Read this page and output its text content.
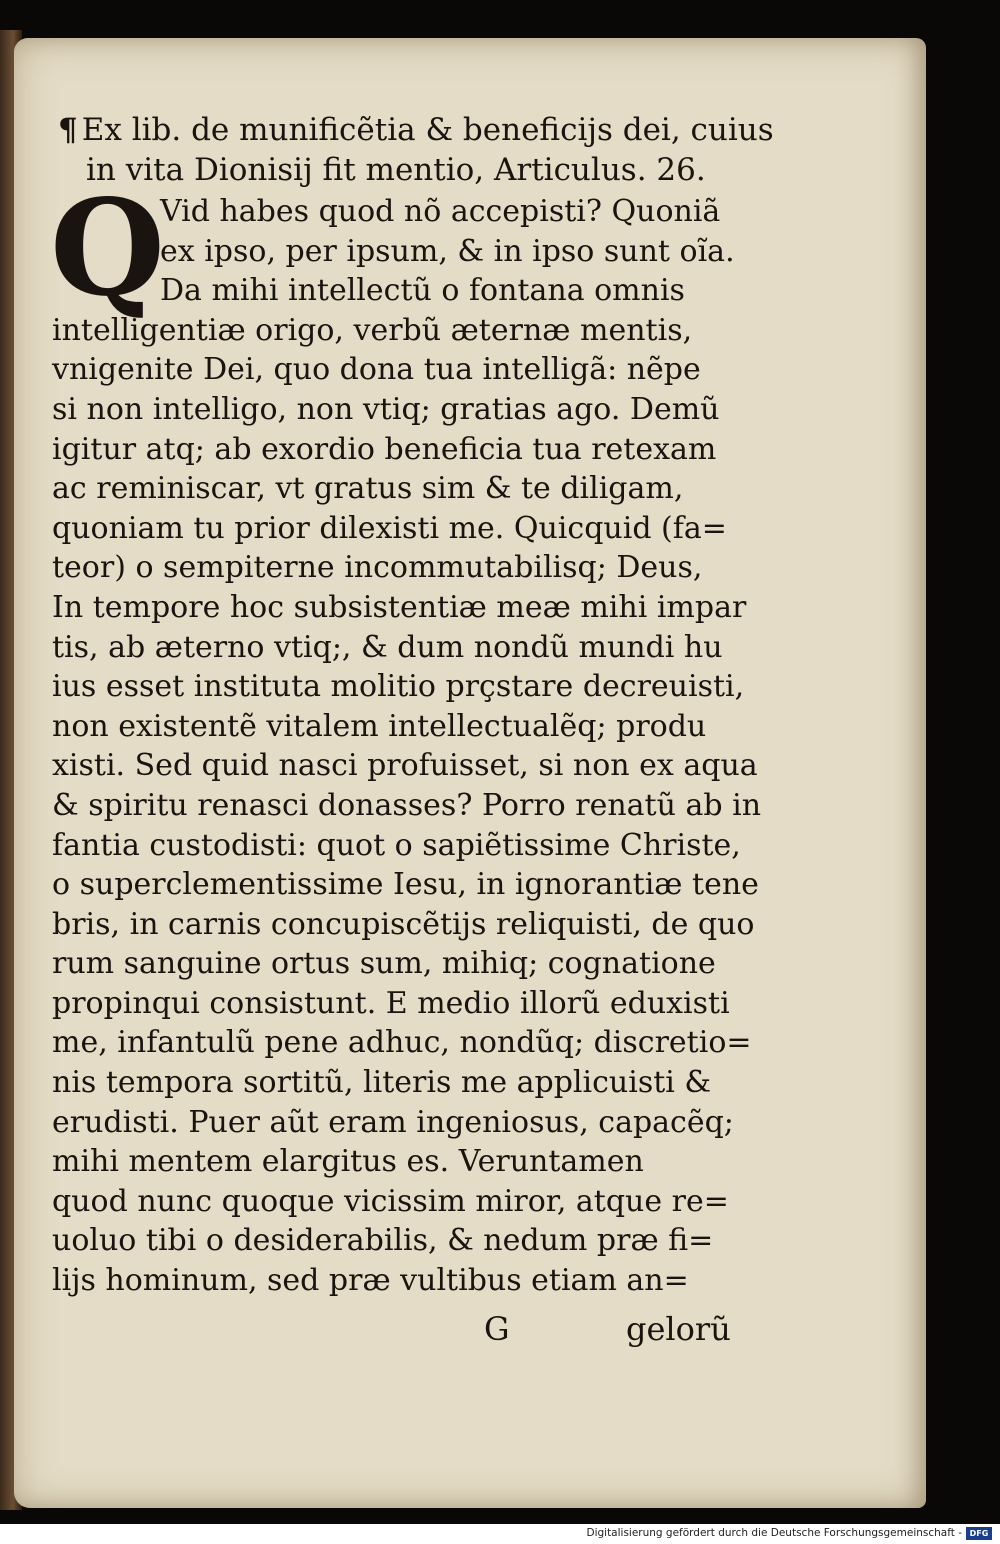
¶ Ex lib. de munificẽtia & beneficijs dei, cuius
in vita Dionisij fit mentio, Articulus. 26.
Q
Vid habes quod nõ accepisti? Quoniã
ex ipso, per ipsum, & in ipso sunt oĩa.
Da mihi intellectũ o fontana omnis
intelligentiæ origo, verbũ æternæ mentis,
vnigenite Dei, quo dona tua intelligã: nẽpe
si non intelligo, non vtiq; gratias ago. Demũ
igitur atq; ab exordio beneficia tua retexam
ac reminiscar, vt gratus sim & te diligam,
quoniam tu prior dilexisti me. Quicquid (fa=
teor) o sempiterne incommutabilisq; Deus,
In tempore hoc subsistentiæ meæ mihi impar
tis, ab æterno vtiq;, & dum nondũ mundi hu
ius esset instituta molitio prçstare decreuisti,
non existentẽ vitalem intellectualẽq; produ
xisti. Sed quid nasci profuisset, si non ex aqua
& spiritu renasci donasses? Porro renatũ ab in
fantia custodisti: quot o sapiẽtissime Christe,
o superclementissime Iesu, in ignorantiæ tene
bris, in carnis concupiscẽtijs reliquisti, de quo
rum sanguine ortus sum, mihiq; cognatione
propinqui consistunt. E medio illorũ eduxisti
me, infantulũ pene adhuc, nondũq; discretio=
nis tempora sortitũ, literis me applicuisti &
erudisti. Puer aũt eram ingeniosus, capacẽq;
mihi mentem elargitus es. Veruntamen
quod nunc quoque vicissim miror, atque re=
uoluo tibi o desiderabilis, & nedum præ fi=
lijs hominum, sed præ vultibus etiam an=
G	gelorũ
Digitalisierung gefördert durch die Deutsche Forschungsgemeinschaft - DFG
